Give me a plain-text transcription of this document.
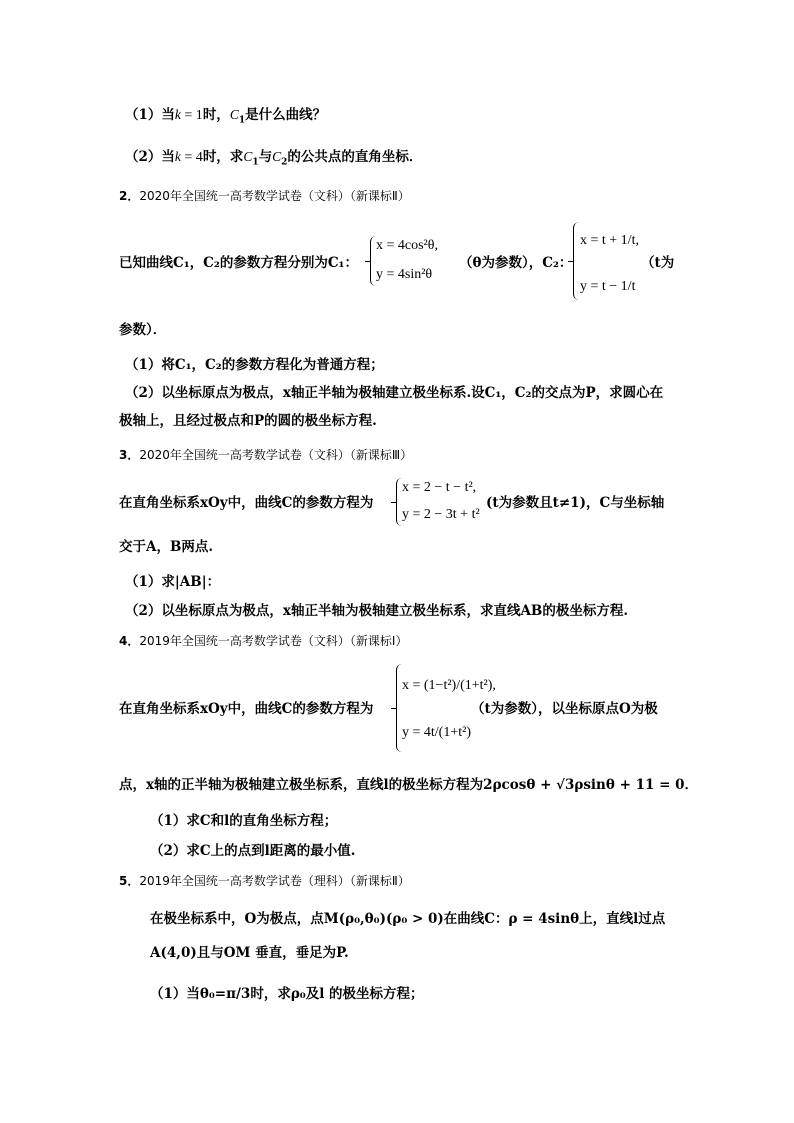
（1）当k = 1时，$C_1$是什么曲线？
（2）当k = 4时，求$C_1$与$C_2$的公共点的直角坐标．
2．2020年全国统一高考数学试卷（文科）（新课标Ⅱ）
已知曲线C₁，C₂的参数方程分别为C₁：
x = 4cos²θ,
y = 4sin²θ
（θ为参数），C₂：
x = t + 1/t,
y = t − 1/t
（t为
参数）．
（1）将C₁，C₂的参数方程化为普通方程；
（2）以坐标原点为极点，x轴正半轴为极轴建立极坐标系.设C₁，C₂的交点为P，求圆心在
极轴上，且经过极点和P的圆的极坐标方程.
3．2020年全国统一高考数学试卷（文科）（新课标Ⅲ）
在直角坐标系xOy中，曲线C的参数方程为
x = 2 − t − t²,
y = 2 − 3t + t²
(t为参数且t≠1)，C与坐标轴
交于A，B两点.
（1）求|AB|：
（2）以坐标原点为极点，x轴正半轴为极轴建立极坐标系，求直线AB的极坐标方程.
4．2019年全国统一高考数学试卷（文科）（新课标Ⅰ）
在直角坐标系xOy中，曲线C的参数方程为
x = (1−t²)/(1+t²),
y = 4t/(1+t²)
（t为参数），以坐标原点O为极
点，x轴的正半轴为极轴建立极坐标系，直线l的极坐标方程为2ρcosθ + √3ρsinθ + 11 = 0．
（1）求C和l的直角坐标方程；
（2）求C上的点到l距离的最小值.
5．2019年全国统一高考数学试卷（理科）（新课标Ⅱ）
在极坐标系中，O为极点，点M(ρ₀,θ₀)(ρ₀ > 0)在曲线C：ρ = 4sinθ上，直线l过点
A(4,0)且与OM 垂直，垂足为P.
（1）当θ₀=π/3时，求ρ₀及l 的极坐标方程；
